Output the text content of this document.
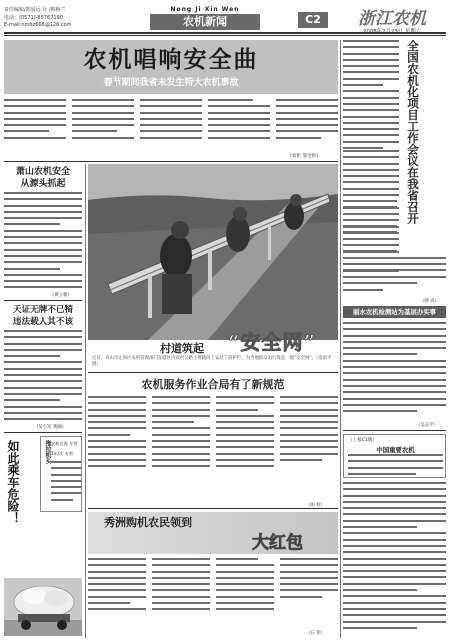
责任编辑/郑展远 计 /韩梅兰
电话：(0571)-85767190
E-mail:nmbz668@126.com
Nong Ji Xin Wen
农机新闻	C2	浙江农机
农机唱响安全曲
春节期间我省未发生特大农机事故
(农机 邹全新)
萧山农机安全
从源头抓起
（黄立新）
天证无牌不已犄
违法载人其不该
（吴小军 黄锦）
拖拉机头 农机仓库 专营
1年/次 专营
如此乘车危险！
村道筑起 “安全网”
近日，舟山市定海区农机管理部门在辖区内农村公路主要路段上安装了防护栏，为当地群众出行筑起一道“安全网”。（余国平 摄）
农机服务作业合局有了新规范
（雨 柱）
秀洲购机农民领到
大红包
（石 伟）
全国农机化项目工作会议在我省召开
（韩 农）
丽水农机检测站为基层办实事
（吴志平）
（上接C1版）
中国重要农机
